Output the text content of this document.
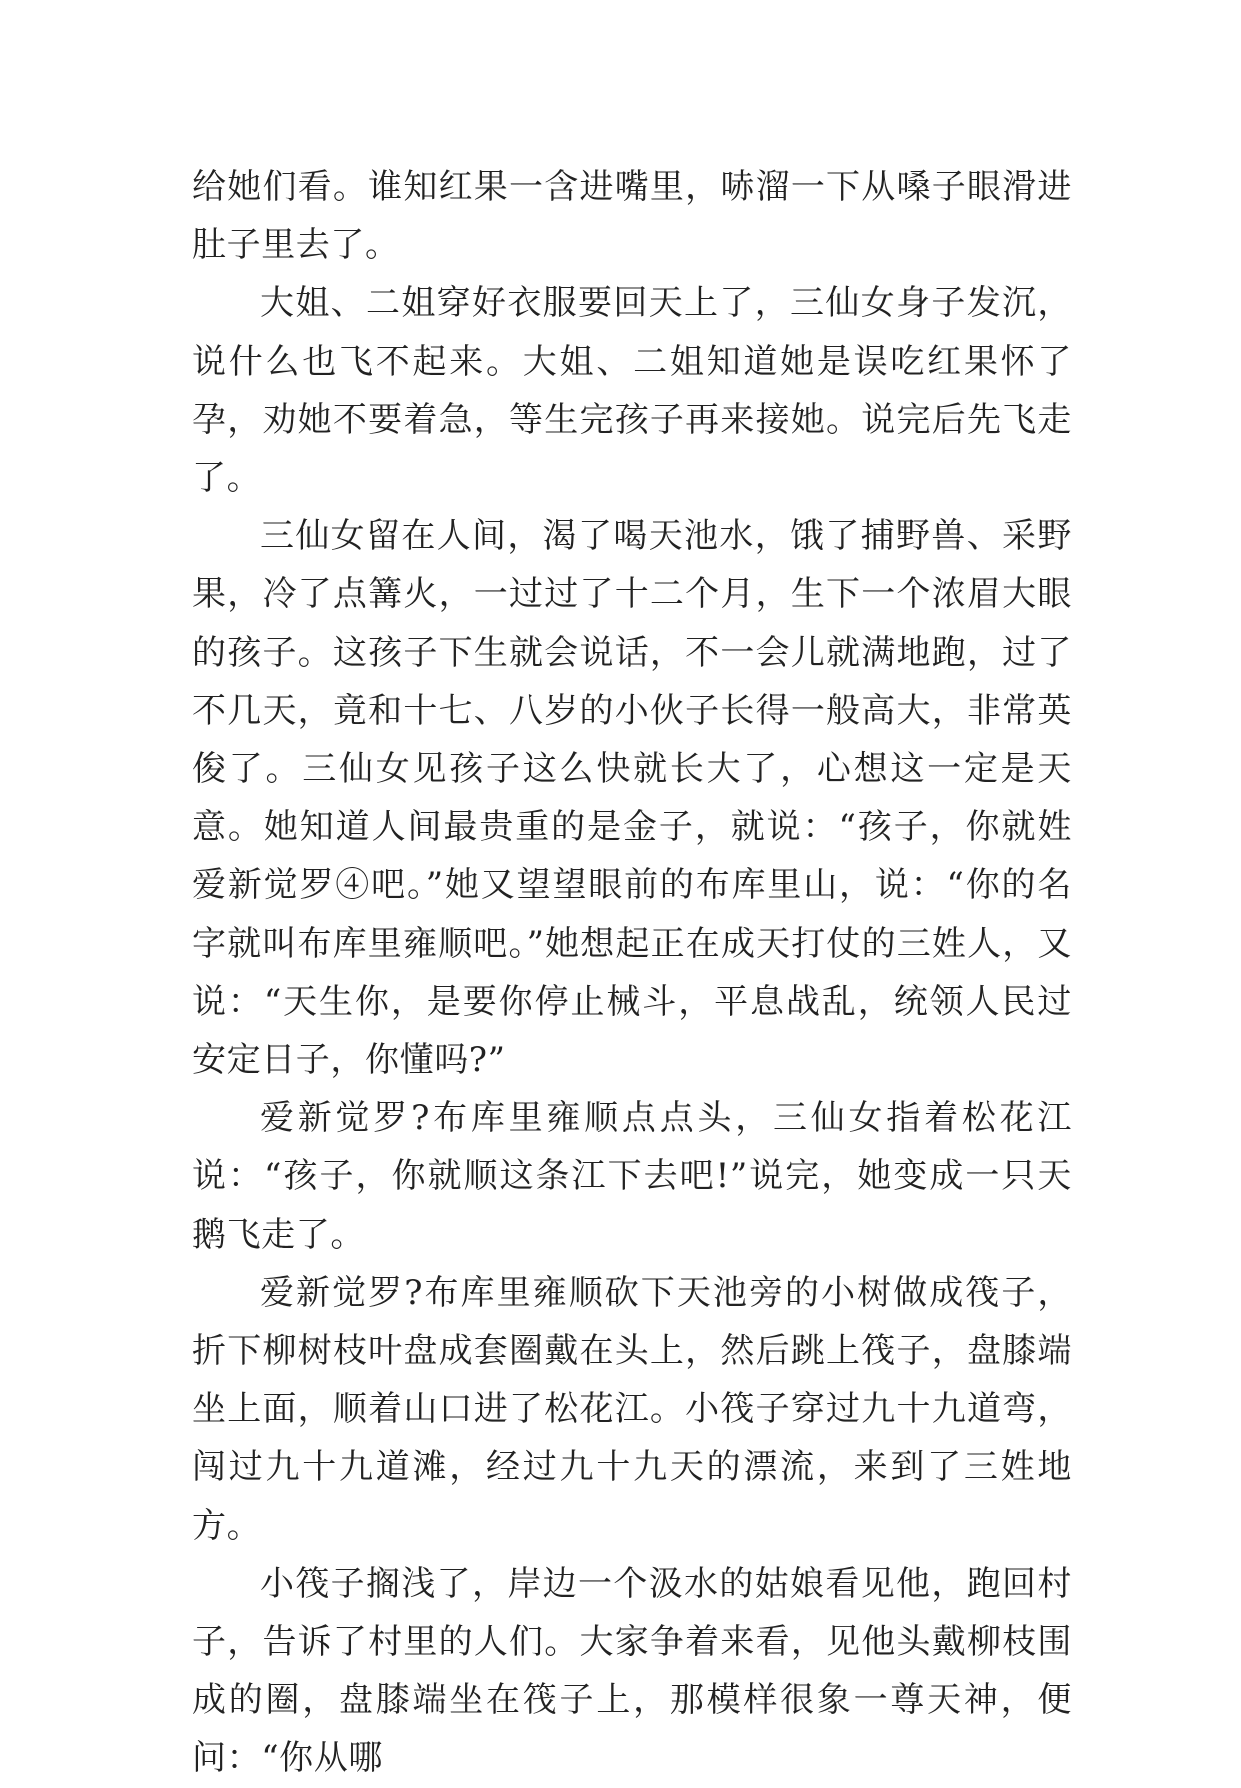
给她们看。谁知红果一含进嘴里，哧溜一下从嗓子眼滑进肚子里去了。

大姐、二姐穿好衣服要回天上了，三仙女身子发沉，说什么也飞不起来。大姐、二姐知道她是误吃红果怀了孕，劝她不要着急，等生完孩子再来接她。说完后先飞走了。

三仙女留在人间，渴了喝天池水，饿了捕野兽、采野果，冷了点篝火，一过过了十二个月，生下一个浓眉大眼的孩子。这孩子下生就会说话，不一会儿就满地跑，过了不几天，竟和十七、八岁的小伙子长得一般高大，非常英俊了。三仙女见孩子这么快就长大了，心想这一定是天意。她知道人间最贵重的是金子，就说：“孩子，你就姓爱新觉罗④吧。”她又望望眼前的布库里山，说：“你的名字就叫布库里雍顺吧。”她想起正在成天打仗的三姓人，又说：“天生你，是要你停止械斗，平息战乱，统领人民过安定日子，你懂吗?”

爱新觉罗?布库里雍顺点点头，三仙女指着松花江说：“孩子，你就顺这条江下去吧!”说完，她变成一只天鹅飞走了。

爱新觉罗?布库里雍顺砍下天池旁的小树做成筏子，折下柳树枝叶盘成套圈戴在头上，然后跳上筏子，盘膝端坐上面，顺着山口进了松花江。小筏子穿过九十九道弯，闯过九十九道滩，经过九十九天的漂流，来到了三姓地方。

小筏子搁浅了，岸边一个汲水的姑娘看见他，跑回村子，告诉了村里的人们。大家争着来看，见他头戴柳枝围成的圈，盘膝端坐在筏子上，那模样很象一尊天神，便问：“你从哪
